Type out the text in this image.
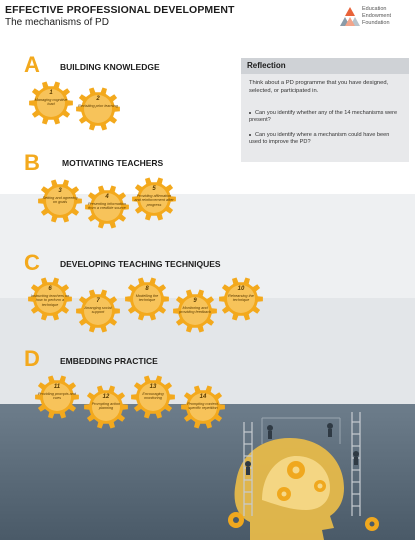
EFFECTIVE PROFESSIONAL DEVELOPMENT
The mechanisms of PD
Education
Endowment
Foundation
Reflection
Think about a PD programme that you have designed, selected, or participated in.
Can you identify whether any of the 14 mechanisms were present?
Can you identify where a mechanism could have been used to improve the PD?
A BUILDING KNOWLEDGE
B	MOTIVATING TEACHERS
C DEVELOPING TEACHING TECHNIQUES
D EMBEDDING PRACTICE
1
Managing cognitive load
2
Revisiting prior learning
3
Setting and agreeing on goals
4
Presenting information from a credible source
5
Providing affirmation and reinforcement after progress
6
Instructing teachers on how to perform a technique
7
Arranging social support
8
Modelling the technique	9
Monitoring and providing feedback
10
Rehearsing the technique
11
Providing prompts and cues	12
Prompting action planning
13
Encouraging monitoring	14
Prompting context-specific repetition
